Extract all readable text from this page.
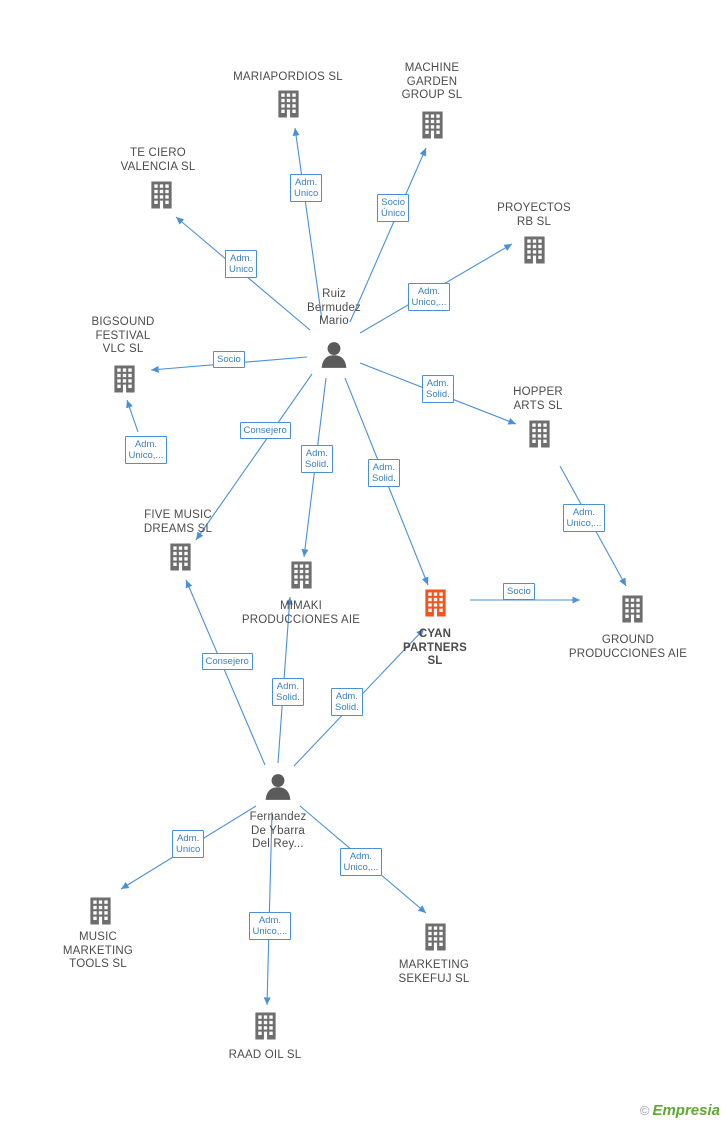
MARIAPORDIOS SL
MACHINE
GARDEN
GROUP SL
TE CIERO
VALENCIA SL
PROYECTOS
RB SL
BIGSOUND
FESTIVAL
VLC SL
Ruiz
Bermudez
Mario
HOPPER
ARTS SL
FIVE MUSIC
DREAMS SL
MIMAKI
PRODUCCIONES AIE
CYAN
PARTNERS
SL
GROUND
PRODUCCIONES AIE
Fernandez
De Ybarra
Del Rey...
MUSIC
MARKETING
TOOLS SL	MARKETING
SEKEFUJ SL
RAAD OIL SL
Adm.
Unico
Socio
Único
Adm.
Unico
Adm.
Unico,...
Socio
Adm.
Solid.
Consejero
Adm.
Solid.	Adm.
Solid.
Adm.
Unico,...
Adm.
Unico,...
Socio
Consejero
Adm.
Solid.	Adm.
Solid.
Adm.
Unico
Adm.
Unico,...
Adm.
Unico,...
© Empresia
